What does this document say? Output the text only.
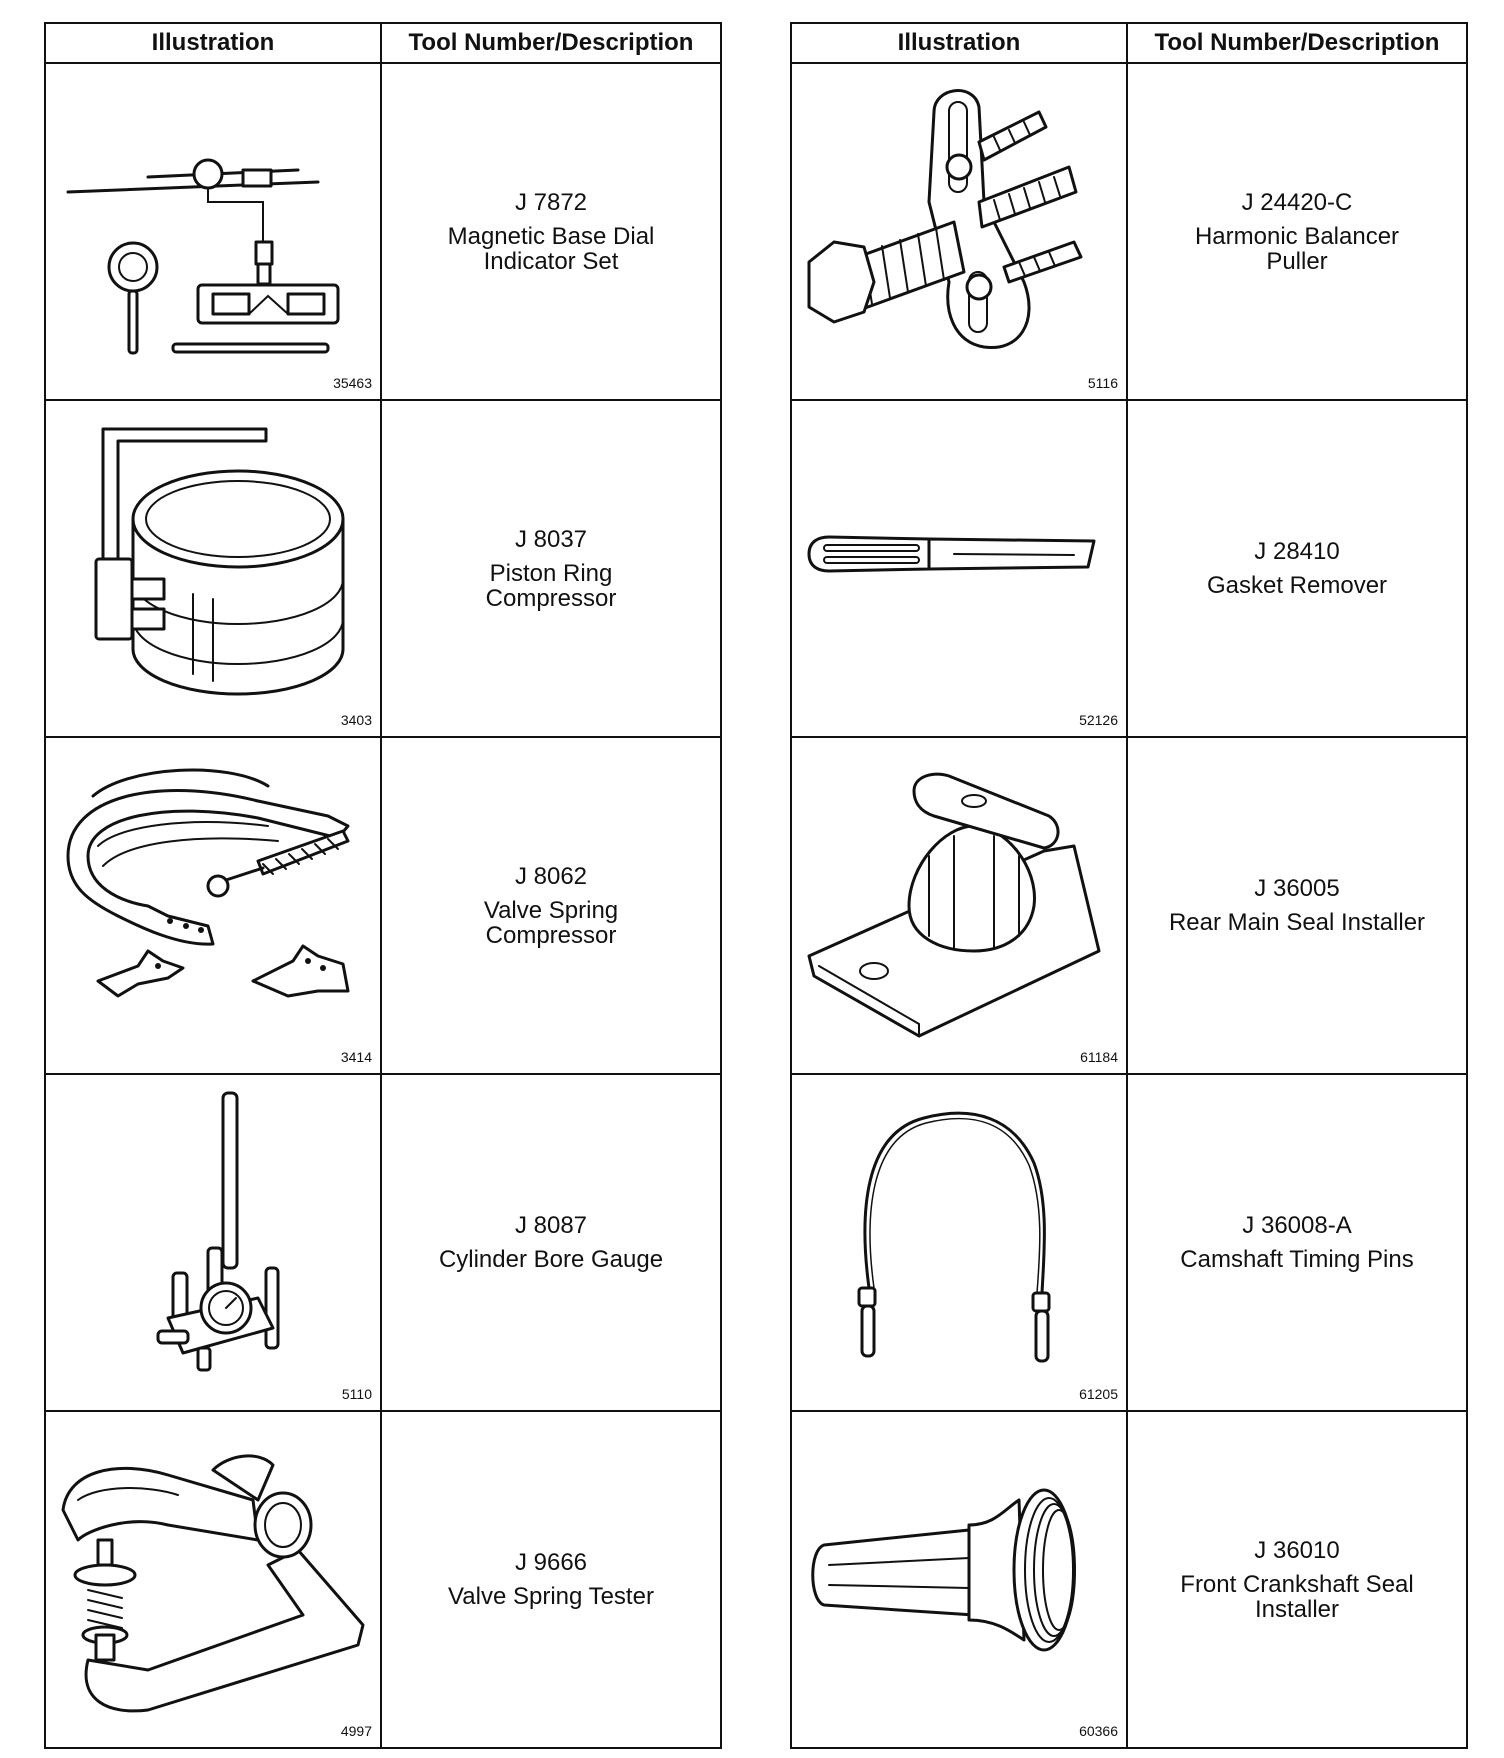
Illustration	Tool Number/Description

35463	J 7872
Magnetic Base Dial Indicator Set

3403	J 8037
Piston Ring Compressor

3414	J 8062
Valve Spring Compressor

5110	J 8087
Cylinder Bore Gauge

4997	J 9666
Valve Spring Tester
Illustration	Tool Number/Description

5116	J 24420-C
Harmonic Balancer Puller

52126	J 28410
Gasket Remover

61184	J 36005
Rear Main Seal Installer

61205	J 36008-A
Camshaft Timing Pins

60366	J 36010
Front Crankshaft Seal Installer
